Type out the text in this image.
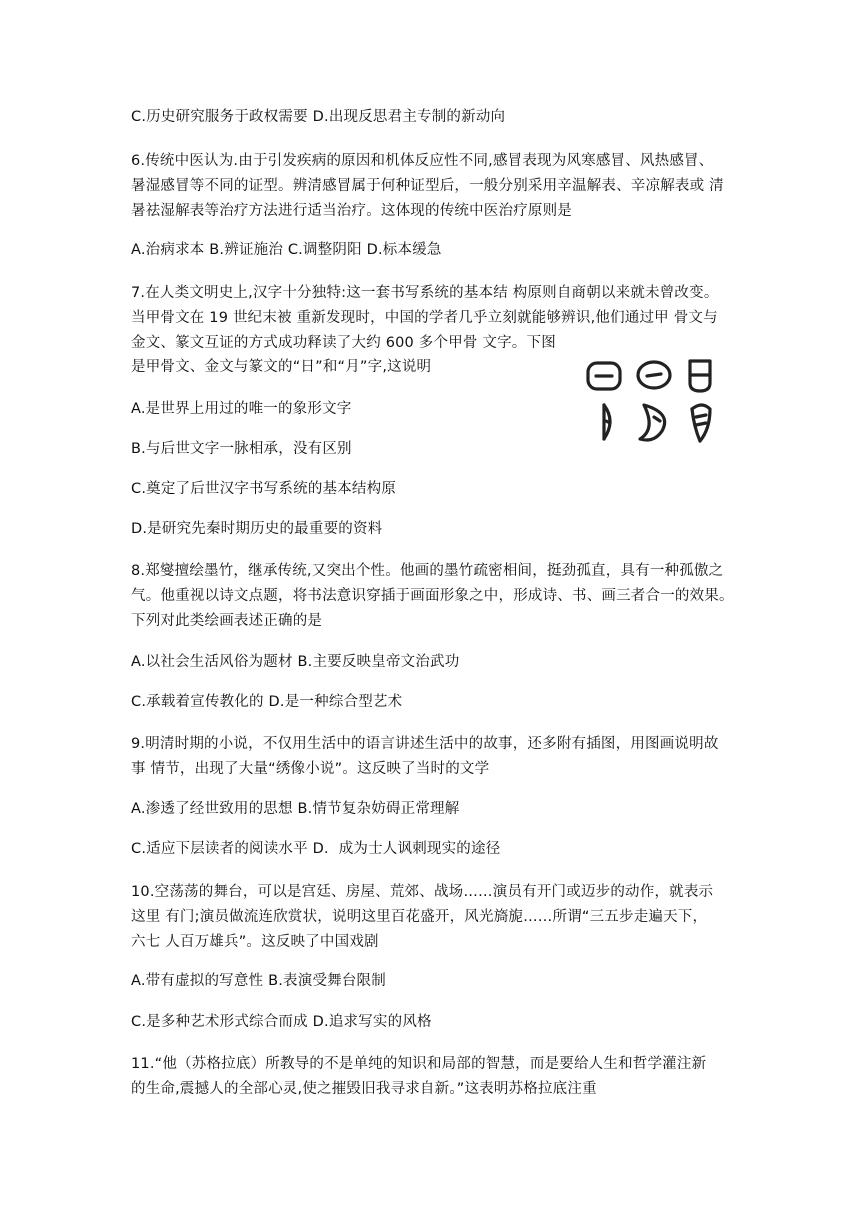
C.历史研究服务于政权需要 D.出现反思君主专制的新动向
6.传统中医认为.由于引发疾病的原因和机体反应性不同,感冒表现为风寒感冒、风热感冒、
暑湿感冒等不同的证型。辨清感冒属于何种证型后，一般分别采用辛温解表、辛凉解表或 清
暑祛湿解表等治疗方法进行适当治疗。这体现的传统中医治疗原则是
A.治病求本 B.辨证施治 C.调整阴阳 D.标本缓急
7.在人类文明史上,汉字十分独特:这一套书写系统的基本结 构原则自商朝以来就未曾改变。
当甲骨文在 19 世纪末被 重新发现时，中国的学者几乎立刻就能够辨识,他们通过甲 骨文与
金文、篆文互证的方式成功释读了大约 600 多个甲骨 文字。下图
是甲骨文、金文与篆文的“日”和“月”字,这说明
A.是世界上用过的唯一的象形文字
B.与后世文字一脉相承，没有区别
C.奠定了后世汉字书写系统的基本结构原
D.是研究先秦时期历史的最重要的资料
8.郑燮擅绘墨竹，继承传统,又突出个性。他画的墨竹疏密相间，挺劲孤直，具有一种孤傲之
气。他重视以诗文点题，将书法意识穿插于画面形象之中，形成诗、书、画三者合一的效果。
下列对此类绘画表述正确的是
A.以社会生活风俗为题材 B.主要反映皇帝文治武功
C.承载着宣传教化的 D.是一种综合型艺术
9.明清时期的小说，不仅用生活中的语言讲述生活中的故事，还多附有插图，用图画说明故
事 情节，出现了大量“绣像小说”。这反映了当时的文学
A.渗透了经世致用的思想 B.情节复杂妨碍正常理解
C.适应下层读者的阅读水平 D．成为士人讽刺现实的途径
10.空荡荡的舞台，可以是宫廷、房屋、荒郊、战场……演员有开门或迈步的动作，就表示
这里 有门;演员做流连欣赏状，说明这里百花盛开，风光旖旎……所谓“三五步走遍天下，
六七 人百万雄兵”。这反映了中国戏剧
A.带有虚拟的写意性 B.表演受舞台限制
C.是多种艺术形式综合而成 D.追求写实的风格
11.“他（苏格拉底）所教导的不是单纯的知识和局部的智慧，而是要给人生和哲学灌注新
的生命,震撼人的全部心灵,使之摧毁旧我寻求自新。”这表明苏格拉底注重
